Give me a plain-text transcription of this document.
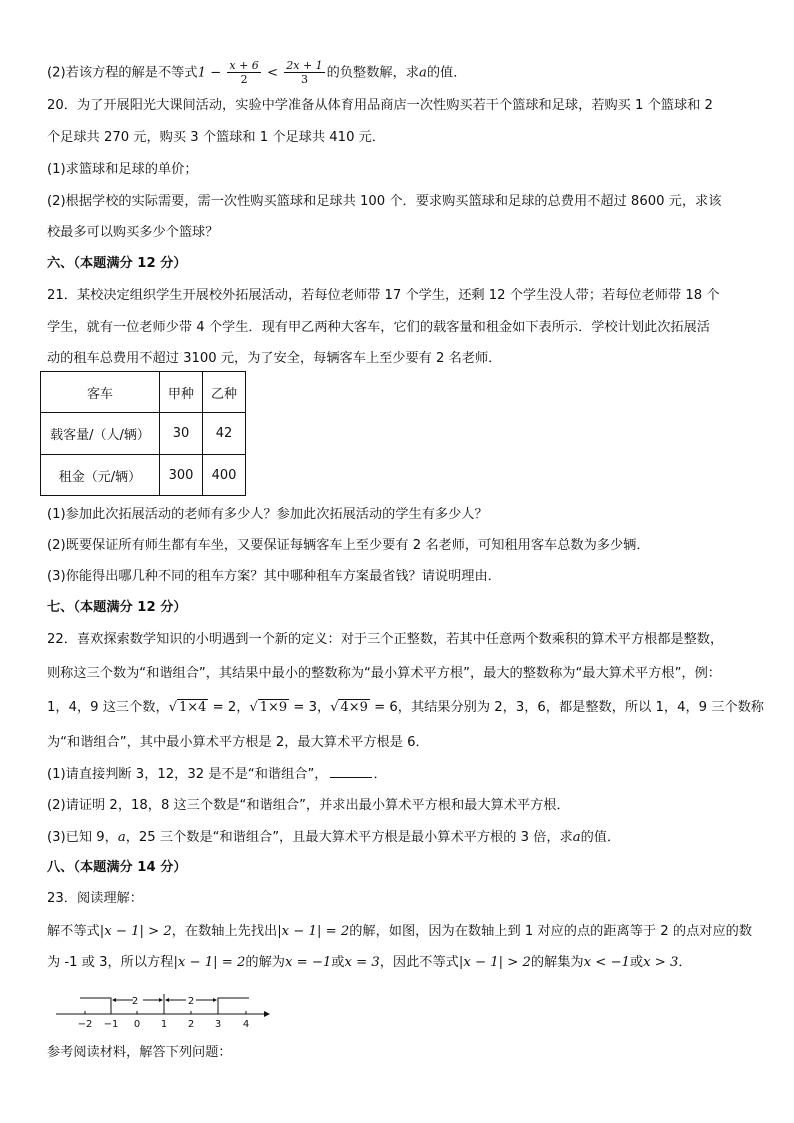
(2)若该方程的解是不等式$1 - \frac{x + 6}{2} < \frac{2x + 1}{3}$ 的负整数解，求a的值．
20．为了开展阳光大课间活动，实验中学准备从体育用品商店一次性购买若干个篮球和足球，若购买 1 个篮球和 2
个足球共 270 元，购买 3 个篮球和 1 个足球共 410 元．
(1)求篮球和足球的单价；
(2)根据学校的实际需要，需一次性购买篮球和足球共 100 个．要求购买篮球和足球的总费用不超过 8600 元，求该
校最多可以购买多少个篮球？
六、（本题满分 12 分）
21．某校决定组织学生开展校外拓展活动，若每位老师带 17 个学生，还剩 12 个学生没人带；若每位老师带 18 个
学生，就有一位老师少带 4 个学生．现有甲乙两种大客车，它们的载客量和租金如下表所示．学校计划此次拓展活
动的租车总费用不超过 3100 元，为了安全，每辆客车上至少要有 2 名老师．
客车	甲种	乙种
载客量/（人/辆）	30	42
租金（元/辆）	300	400
(1)参加此次拓展活动的老师有多少人？参加此次拓展活动的学生有多少人？
(2)既要保证所有师生都有车坐，又要保证每辆客车上至少要有 2 名老师，可知租用客车总数为多少辆．
(3)你能得出哪几种不同的租车方案？其中哪种租车方案最省钱？请说明理由．
七、（本题满分 12 分）
22．喜欢探索数学知识的小明遇到一个新的定义：对于三个正整数，若其中任意两个数乘积的算术平方根都是整数，
则称这三个数为“和谐组合”，其结果中最小的整数称为“最小算术平方根”，最大的整数称为“最大算术平方根”，例：
1，4，9 这三个数，√ 1×4 = 2，√ 1×9 = 3，√ 4×9 = 6，其结果分别为 2，3，6，都是整数，所以 1，4，9 三个数称
为“和谐组合”，其中最小算术平方根是 2，最大算术平方根是 6．
(1)请直接判断 3，12，32 是不是“和谐组合”，	．
(2)请证明 2，18，8 这三个数是“和谐组合”，并求出最小算术平方根和最大算术平方根．
(3)已知 9，a，25 三个数是“和谐组合”，且最大算术平方根是最小算术平方根的 3 倍，求a的值．
八、（本题满分 14 分）
23．阅读理解：
解不等式|x − 1| > 2，在数轴上先找出|x − 1| = 2的解，如图，因为在数轴上到 1 对应的点的距离等于 2 的点对应的数
为 -1 或 3，所以方程|x − 1| = 2的解为x = −1或x = 3，因此不等式|x − 1| > 2的解集为x < −1或x > 3．
2	2
−2 −1 0 1 2 3 4
参考阅读材料，解答下列问题：
